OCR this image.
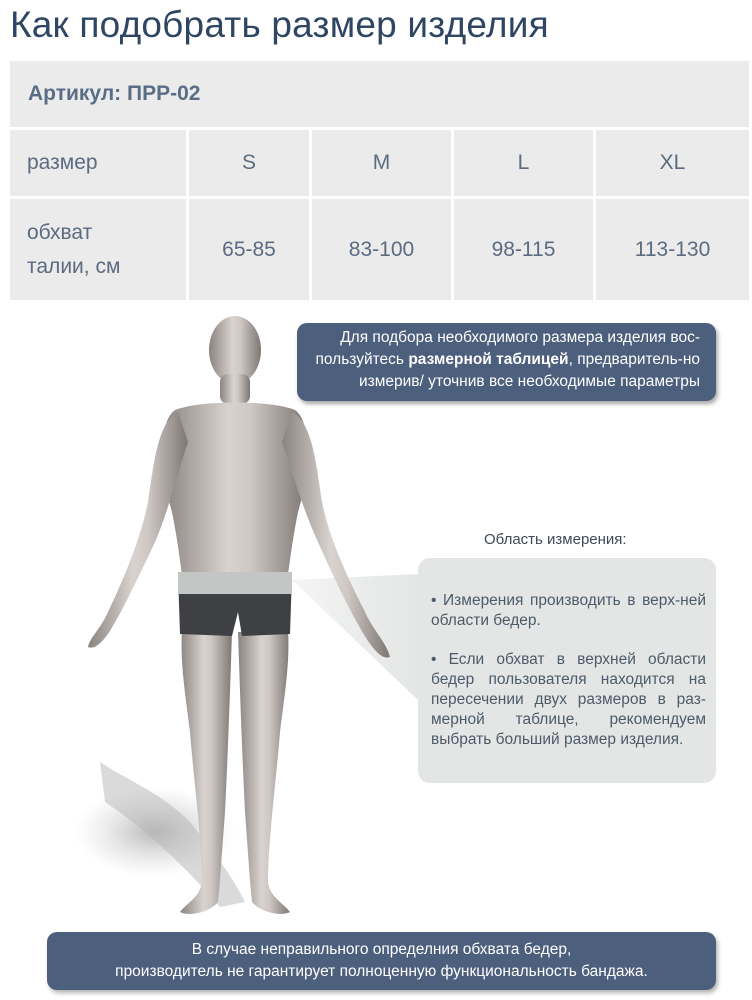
Как подобрать размер изделия
Артикул: ПРР-02				
размер	S	M	L	XL
обхват
талии, см	65-85	83-100	98-115	113-130
Для подбора необходимого размера изделия вос-пользуйтесь размерной таблицей, предваритель-но измерив/ уточнив все необходимые параметры
Область измерения:

• Измерения производить в верх-ней области бедер.

• Если обхват в верхней области бедер пользователя находится на пересечении двух размеров в раз-мерной таблице, рекомендуем выбрать больший размер изделия.

В случае неправильного определния обхвата бедер,
производитель не гарантирует полноценную функциональность бандажа.
